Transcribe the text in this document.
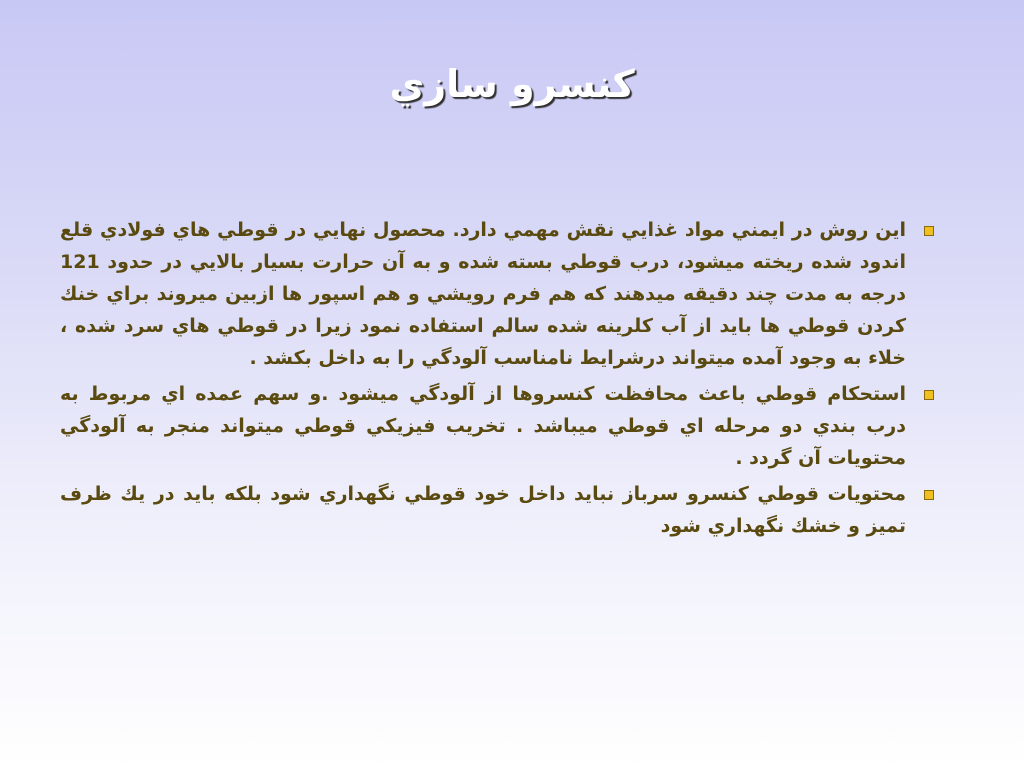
كنسرو سازي
اين روش در ايمني مواد غذايي نقش مهمي دارد. محصول نهايي در قوطي هاي فولادي قلع اندود شده ريخته ميشود، درب قوطي بسته شده و به آن حرارت بسيار بالايي در حدود 121 درجه به مدت چند دقيقه ميدهند كه هم فرم رويشي و هم اسپور ها ازبين ميروند براي خنك كردن قوطي ها بايد از آب كلرينه شده سالم استفاده نمود زيرا در قوطي هاي سرد شده ، خلاء به وجود آمده ميتواند درشرايط نامناسب آلودگي را به داخل بكشد .
استحكام قوطي باعث محافظت كنسروها از آلودگي ميشود .و سهم عمده اي مربوط به درب بندي دو مرحله اي قوطي ميباشد . تخريب فيزيكي قوطي ميتواند منجر به آلودگي محتويات آن گردد .
محتويات قوطي كنسرو سرباز نبايد داخل خود قوطي نگهداري شود بلكه بايد در يك ظرف تميز و خشك نگهداري شود
